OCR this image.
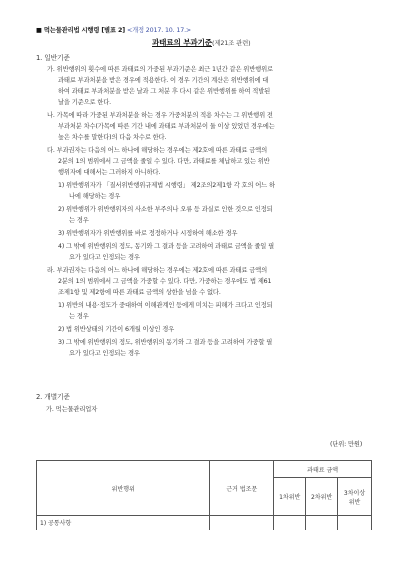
■ 먹는물관리법 시행령 [별표 2] <개정 2017. 10. 17.>
과태료의 부과기준(제21조 관련)
1. 일반기준
가. 위반행위의 횟수에 따른 과태료의 가중된 부과기준은 최근 1년간 같은 위반행위로
과태료 부과처분을 받은 경우에 적용한다. 이 경우 기간의 계산은 위반행위에 대
하여 과태료 부과처분을 받은 날과 그 처분 후 다시 같은 위반행위를 하여 적발된
날을 기준으로 한다.
나. 가목에 따라 가중된 부과처분을 하는 경우 가중처분의 적용 차수는 그 위반행위 전
부과처분 차수(가목에 따른 기간 내에 과태료 부과처분이 둘 이상 있었던 경우에는
높은 차수를 말한다)의 다음 차수로 한다.
다. 부과권자는 다음의 어느 하나에 해당하는 경우에는 제2호에 따른 과태료 금액의
2분의 1의 범위에서 그 금액을 줄일 수 있다. 다만, 과태료를 체납하고 있는 위반
행위자에 대해서는 그러하지 아니하다.
1) 위반행위자가 「질서위반행위규제법 시행령」 제2조의2제1항 각 호의 어느 하
나에 해당하는 경우
2) 위반행위가 위반행위자의 사소한 부주의나 오류 등 과실로 인한 것으로 인정되
는 경우
3) 위반행위자가 위반행위를 바로 정정하거나 시정하여 해소한 경우
4) 그 밖에 위반행위의 정도, 동기와 그 결과 등을 고려하여 과태료 금액을 줄일 필
요가 있다고 인정되는 경우
라. 부과권자는 다음의 어느 하나에 해당하는 경우에는 제2호에 따른 과태료 금액의
2분의 1의 범위에서 그 금액을 가중할 수 있다. 다만, 가중하는 경우에도 법 제61
조제1항 및 제2항에 따른 과태료 금액의 상한을 넘을 수 없다.
1) 위반의 내용·정도가 중대하여 이해관계인 등에게 미치는 피해가 크다고 인정되
는 경우
2) 법 위반상태의 기간이 6개월 이상인 경우
3) 그 밖에 위반행위의 정도, 위반행위의 동기와 그 결과 등을 고려하여 가중할 필
요가 있다고 인정되는 경우
2. 개별기준
가. 먹는물관리업자
(단위: 만원)
위반행위	근거 법조문	과태료 금액		
		1차위반	2차위반	3차이상
위반

1) 공통사항				
